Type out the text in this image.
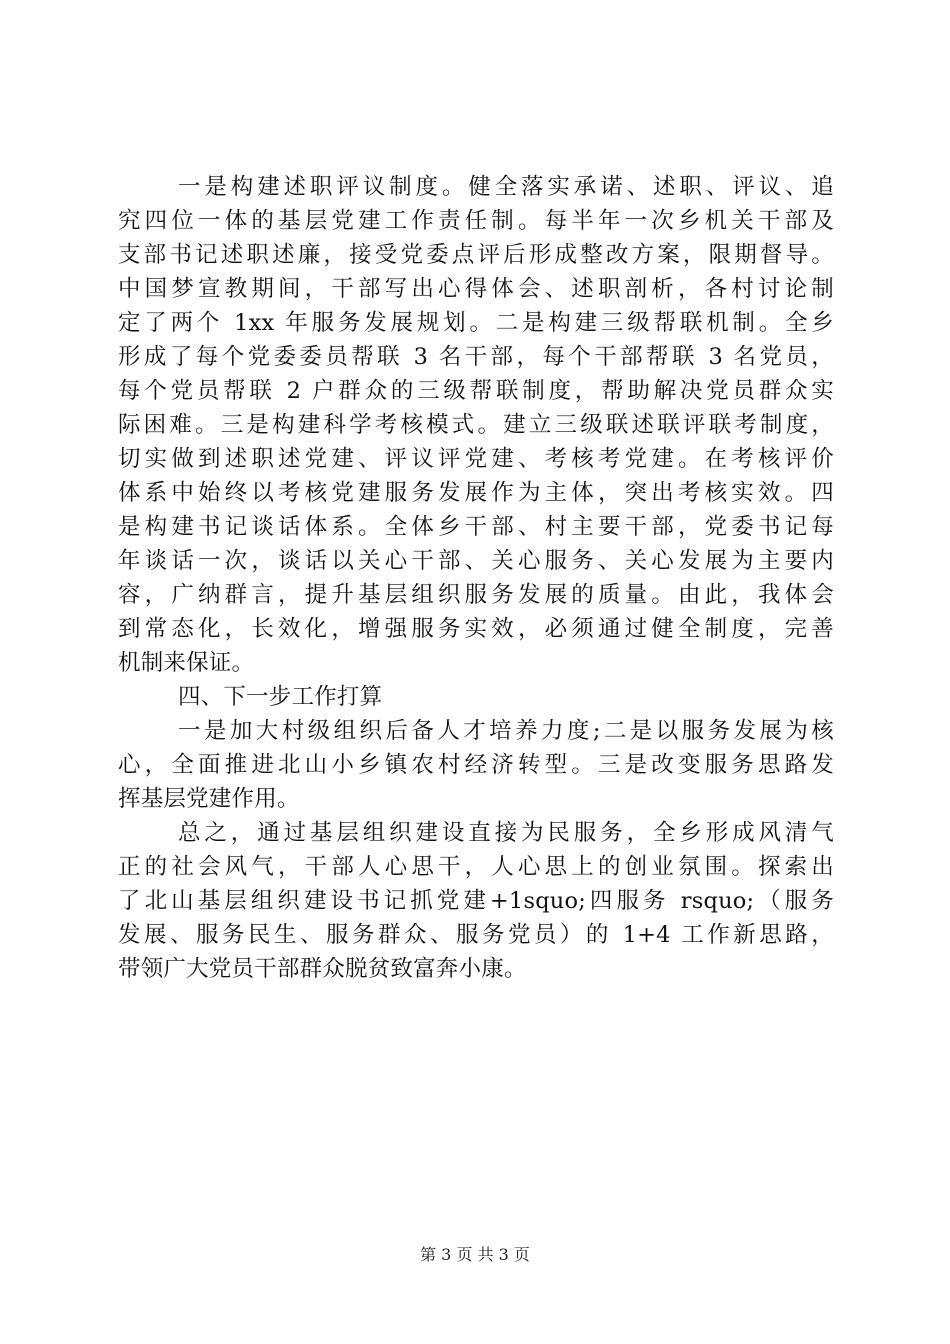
一是构建述职评议制度。健全落实承诺、述职、评议、追
究四位一体的基层党建工作责任制。每半年一次乡机关干部及
支部书记述职述廉，接受党委点评后形成整改方案，限期督导。
中国梦宣教期间，干部写出心得体会、述职剖析，各村讨论制
定了两个 1xx 年服务发展规划。二是构建三级帮联机制。全乡
形成了每个党委委员帮联 3 名干部，每个干部帮联 3 名党员，
每个党员帮联 2 户群众的三级帮联制度，帮助解决党员群众实
际困难。三是构建科学考核模式。建立三级联述联评联考制度，
切实做到述职述党建、评议评党建、考核考党建。在考核评价
体系中始终以考核党建服务发展作为主体，突出考核实效。四
是构建书记谈话体系。全体乡干部、村主要干部，党委书记每
年谈话一次，谈话以关心干部、关心服务、关心发展为主要内
容，广纳群言，提升基层组织服务发展的质量。由此，我体会
到常态化，长效化，增强服务实效，必须通过健全制度，完善
机制来保证。
四、下一步工作打算
一是加大村级组织后备人才培养力度;二是以服务发展为核
心，全面推进北山小乡镇农村经济转型。三是改变服务思路发
挥基层党建作用。
总之，通过基层组织建设直接为民服务，全乡形成风清气
正的社会风气，干部人心思干，人心思上的创业氛围。探索出
了北山基层组织建设书记抓党建+1squo;四服务 rsquo;（服务
发展、服务民生、服务群众、服务党员）的 1+4 工作新思路，
带领广大党员干部群众脱贫致富奔小康。
第 3 页 共 3 页
